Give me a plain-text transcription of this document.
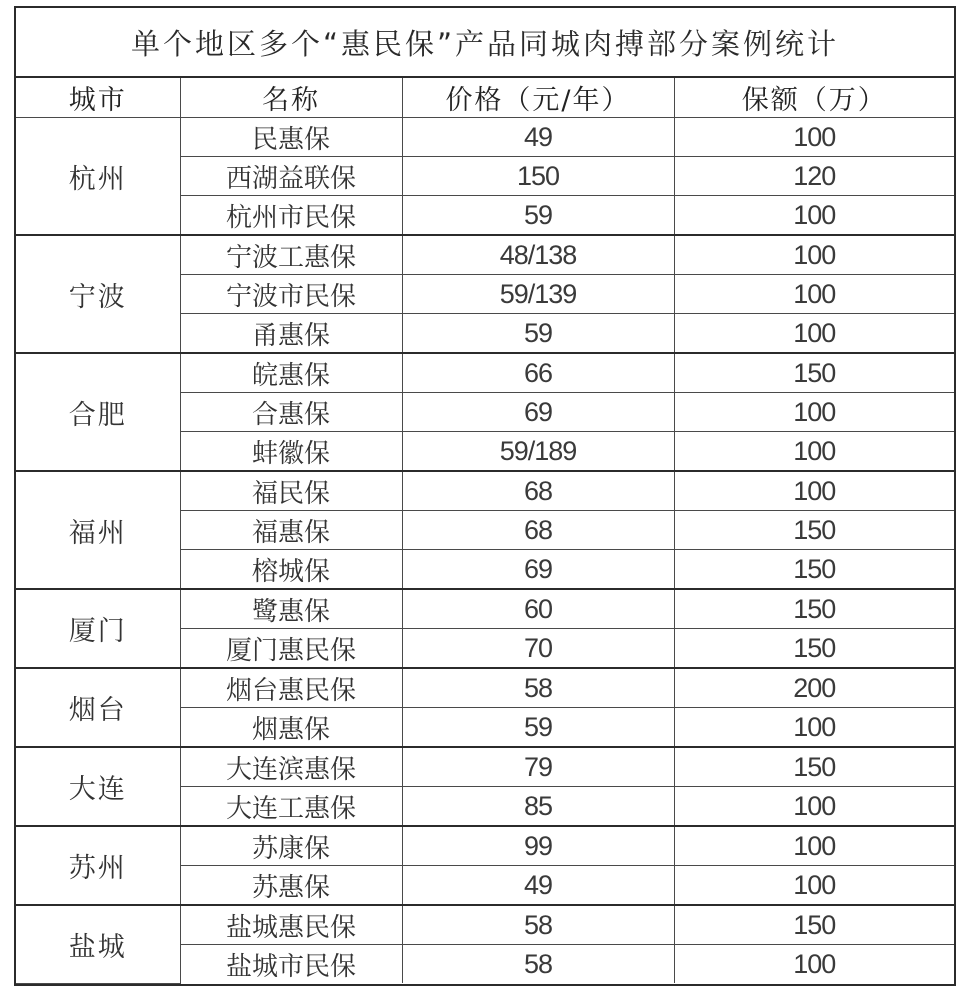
单个地区多个“惠民保”产品同城肉搏部分案例统计
城市	名称	价格（元/年）	保额（万）
杭州	民惠保	49	100
	西湖益联保	150	120
	杭州市民保	59	100
宁波	宁波工惠保	48/138	100
	宁波市民保	59/139	100
	甬惠保	59	100
合肥	皖惠保	66	150
	合惠保	69	100
	蚌徽保	59/189	100
福州	福民保	68	100
	福惠保	68	150
	榕城保	69	150
厦门	鹭惠保	60	150
	厦门惠民保	70	150
烟台	烟台惠民保	58	200
	烟惠保	59	100
大连	大连滨惠保	79	150
	大连工惠保	85	100
苏州	苏康保	99	100
	苏惠保	49	100
盐城	盐城惠民保	58	150
	盐城市民保	58	100
